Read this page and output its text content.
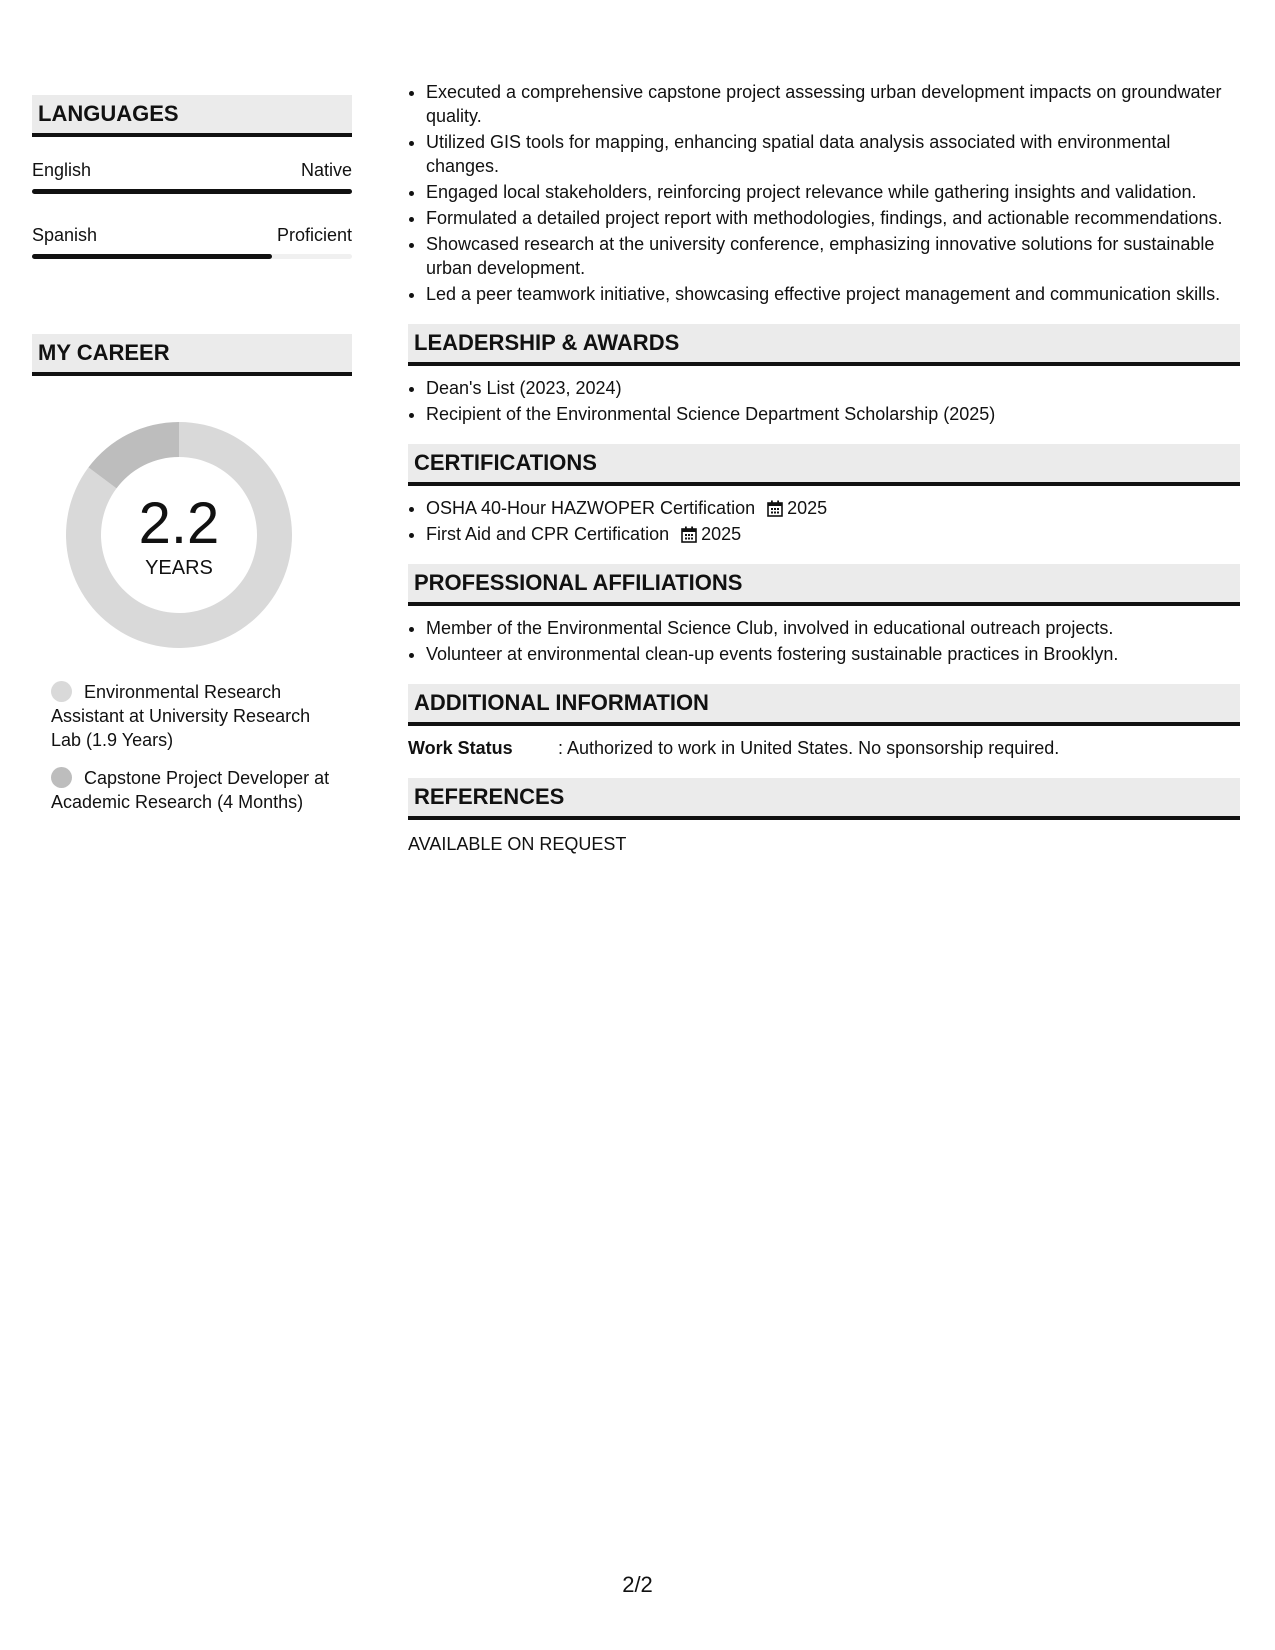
LANGUAGES
English	Native
Spanish	Proficient
MY CAREER
2.2
YEARS
Environmental Research Assistant at University Research Lab (1.9 Years)
Capstone Project Developer at Academic Research (4 Months)
• Executed a comprehensive capstone project assessing urban development impacts on groundwater quality.
• Utilized GIS tools for mapping, enhancing spatial data analysis associated with environmental changes.
• Engaged local stakeholders, reinforcing project relevance while gathering insights and validation.
• Formulated a detailed project report with methodologies, findings, and actionable recommendations.
• Showcased research at the university conference, emphasizing innovative solutions for sustainable urban development.
• Led a peer teamwork initiative, showcasing effective project management and communication skills.
LEADERSHIP & AWARDS
• Dean's List (2023, 2024)
• Recipient of the Environmental Science Department Scholarship (2025)
CERTIFICATIONS
• OSHA 40-Hour HAZWOPER Certification 2025
• First Aid and CPR Certification 2025
PROFESSIONAL AFFILIATIONS
• Member of the Environmental Science Club, involved in educational outreach projects.
• Volunteer at environmental clean-up events fostering sustainable practices in Brooklyn.
ADDITIONAL INFORMATION
Work Status	: Authorized to work in United States. No sponsorship required.
REFERENCES
AVAILABLE ON REQUEST
2/2
